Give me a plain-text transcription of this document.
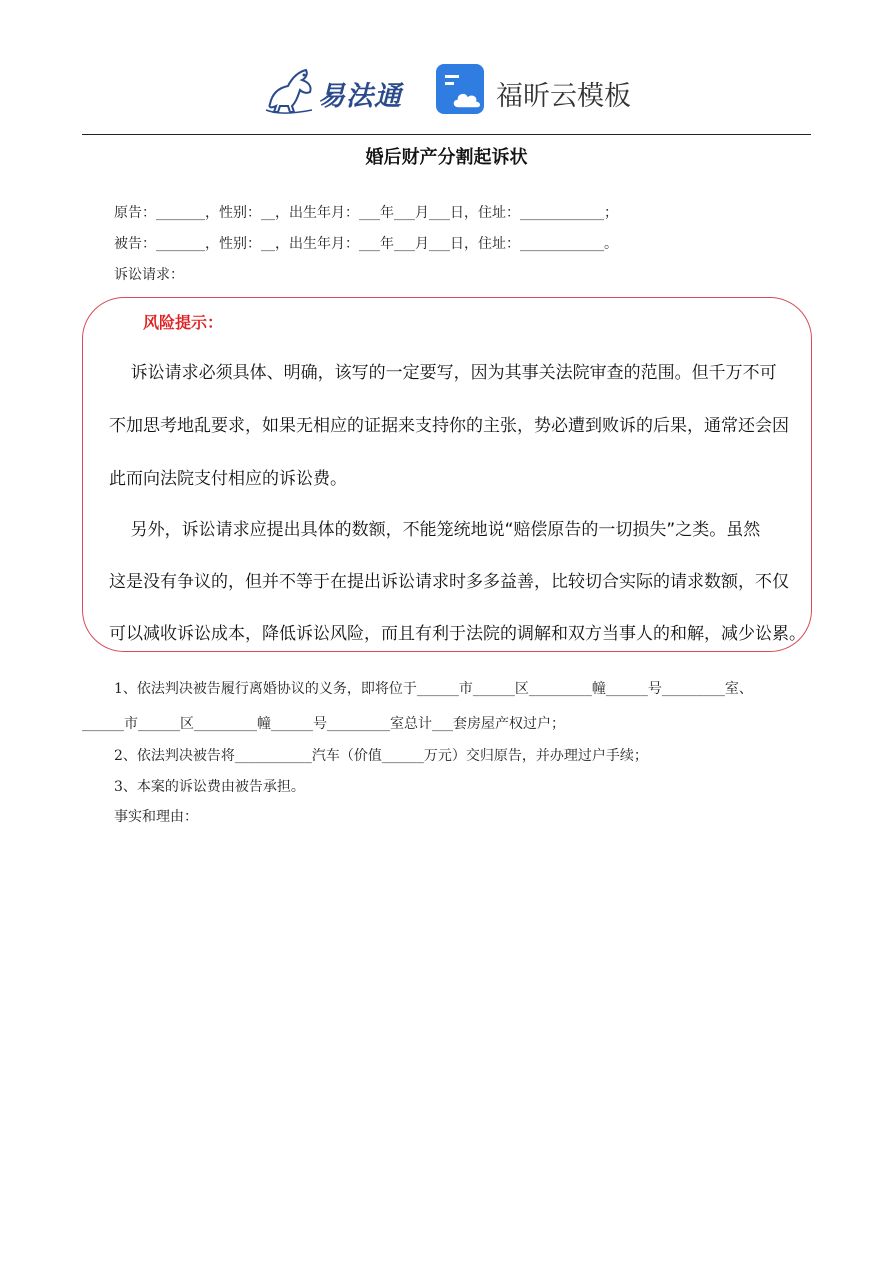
易法通	福昕云模板
婚后财产分割起诉状
原告：_______，性别：__，出生年月：___年___月___日，住址：____________；
被告：_______，性别：__，出生年月：___年___月___日，住址：____________。
诉讼请求：
风险提示：
诉讼请求必须具体、明确，该写的一定要写，因为其事关法院审查的范围。但千万不可
不加思考地乱要求，如果无相应的证据来支持你的主张，势必遭到败诉的后果，通常还会因
此而向法院支付相应的诉讼费。
另外，诉讼请求应提出具体的数额，不能笼统地说“赔偿原告的一切损失”之类。虽然
这是没有争议的，但并不等于在提出诉讼请求时多多益善，比较切合实际的请求数额，不仅
可以减收诉讼成本，降低诉讼风险，而且有利于法院的调解和双方当事人的和解，减少讼累。
1、依法判决被告履行离婚协议的义务，即将位于______市______区_________幢______号_________室、
______市______区_________幢______号_________室总计___套房屋产权过户；
2、依法判决被告将___________汽车（价值______万元）交归原告，并办理过户手续；
3、本案的诉讼费由被告承担。
事实和理由：
